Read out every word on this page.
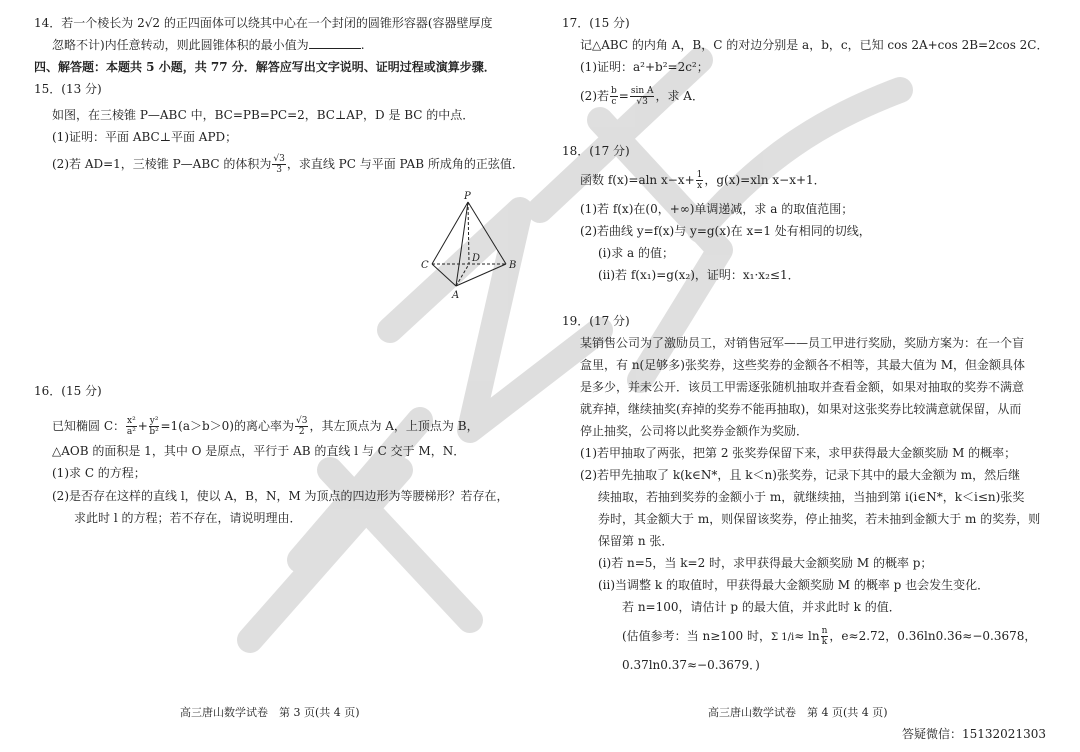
14．若一个棱长为 2√2 的正四面体可以绕其中心在一个封闭的圆锥形容器(容器壁厚度
忽略不计)内任意转动，则此圆锥体积的最小值为	.
四、解答题：本题共 5 小题，共 77 分．解答应写出文字说明、证明过程或演算步骤．
15．(13 分)
如图，在三棱锥 P—ABC 中，BC=PB=PC=2，BC⊥AP，D 是 BC 的中点．
(1)证明：平面 ABC⊥平面 APD；
(2)若 AD=1，三棱锥 P—ABC 的体积为 $\frac{√3}{3}$ ，求直线 PC 与平面 PAB 所成角的正弦值．
P
C
D
B
A
16．(15 分)
已知椭圆 C： $\frac{\text{x²}}{\text{a²}} + \frac{\text{y²}}{\text{b²}} =1(a>b>0)$的离心率为 $\frac{√3}{2}$ ，其左顶点为 A，上顶点为 B，
△AOB 的面积是 1，其中 O 是原点，平行于 AB 的直线 l 与 C 交于 M，N．
(1)求 C 的方程；
(2)是否存在这样的直线 l，使以 A，B，N，M 为顶点的四边形为等腰梯形？若存在，
求此时 l 的方程；若不存在，请说明理由．
高三唐山数学试卷　第 3 页(共 4 页)
17．(15 分)
记△ABC 的内角 A，B，C 的对边分别是 a，b，c，已知 cos 2A+cos 2B=2cos 2C．
(1)证明：a²+b²=2c²；
(2)若 $\frac{b}{c} = \frac{\text{sin A}}{√3}$ ，求 A．
18．(17 分)
函数 f(x)=aln $x-x+ \frac{1}{x}$ ，g(x)=xln x−x+1．
(1)若 f(x)在(0，+∞)单调递减，求 a 的取值范围；
(2)若曲线 y=f(x)与 y=g(x)在 x=1 处有相同的切线，
(ⅰ)求 a 的值；
(ⅱ)若 f(x₁)=g(x₂)，证明：x₁·x₂≤1．
19．(17 分)
某销售公司为了激励员工，对销售冠军——员工甲进行奖励，奖励方案为：在一个盲
盒里，有 n(足够多)张奖券，这些奖券的金额各不相等，其最大值为 M，但金额具体
是多少，并未公开．该员工甲需逐张随机抽取并查看金额，如果对抽取的奖券不满意
就弃掉，继续抽奖(弃掉的奖券不能再抽取)，如果对这张奖券比较满意就保留，从而
停止抽奖，公司将以此奖券金额作为奖励．
(1)若甲抽取了两张，把第 2 张奖券保留下来，求甲获得最大金额奖励 M 的概率；
(2)若甲先抽取了 k(k∈N*，且 k＜n)张奖券，记录下其中的最大金额为 m，然后继
续抽取，若抽到奖券的金额小于 m，就继续抽，当抽到第 i(i∈N*，k＜i≤n)张奖
券时，其金额大于 m，则保留该奖券，停止抽奖，若未抽到金额大于 m 的奖券，则
保留第 n 张．
(ⅰ)若 n=5，当 k=2 时，求甲获得最大金额奖励 M 的概率 p；
(ⅱ)当调整 k 的取值时，甲获得最大金额奖励 M 的概率 p 也会发生变化．
若 n=100，请估计 p 的最大值，并求此时 k 的值．
(估值参考：当 n≥100 时，Σ $1/i\approx \ln \frac{n}{k}$ ，e≈2.72，0.36ln0.36≈−0.3678，
0.37ln0.37≈−0.3679．)
高三唐山数学试卷　第 4 页(共 4 页)
答疑微信：15132021303
